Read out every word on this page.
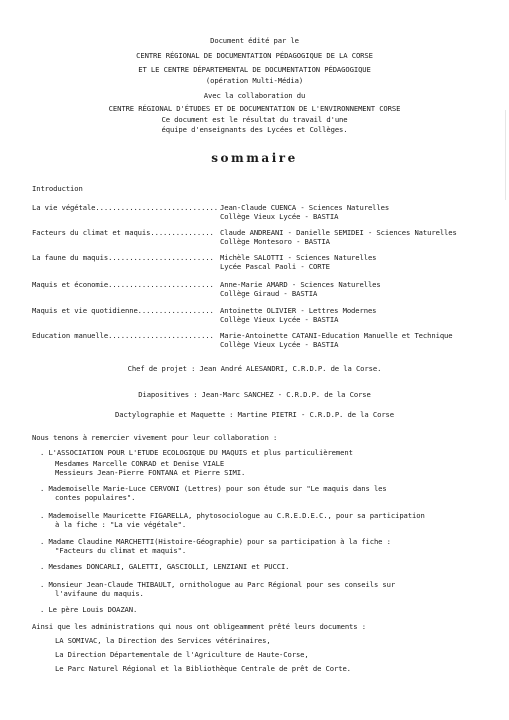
Document édité par le
CENTRE RÉGIONAL DE DOCUMENTATION PÉDAGOGIQUE DE LA CORSE
ET LE CENTRE DÉPARTEMENTAL DE DOCUMENTATION PÉDAGOGIQUE
(opération Multi-Média)
Avec la collaboration du
CENTRE RÉGIONAL D'ÉTUDES ET DE DOCUMENTATION DE L'ENVIRONNEMENT CORSE
Ce document est le résultat du travail d'une
équipe d'enseignants des Lycées et Collèges.
sommaire
Introduction
La vie végétale............................. Jean-Claude CUENCA - Sciences Naturelles
Collège Vieux Lycée - BASTIA
Facteurs du climat et maquis............... Claude ANDREANI - Danielle SEMIDEI - Sciences Naturelles
Collège Montesoro - BASTIA
La faune du maquis......................... Michèle SALOTTI - Sciences Naturelles
Lycée Pascal Paoli - CORTE
Maquis et économie......................... Anne-Marie AMARD - Sciences Naturelles
Collège Giraud - BASTIA
Maquis et vie quotidienne.................. Antoinette OLIVIER - Lettres Modernes
Collège Vieux Lycée - BASTIA
Education manuelle......................... Marie-Antoinette CATANI-Education Manuelle et Technique
Collège Vieux Lycée - BASTIA
Chef de projet : Jean André ALESANDRI, C.R.D.P. de la Corse.
Diapositives : Jean-Marc SANCHEZ - C.R.D.P. de la Corse
Dactylographie et Maquette : Martine PIETRI - C.R.D.P. de la Corse
Nous tenons à remercier vivement pour leur collaboration :
. L'ASSOCIATION POUR L'ETUDE ECOLOGIQUE DU MAQUIS et plus particulièrement
Mesdames Marcelle CONRAD et Denise VIALE
Messieurs Jean-Pierre FONTANA et Pierre SIMI.
. Mademoiselle Marie-Luce CERVONI (Lettres) pour son étude sur "Le maquis dans les
contes populaires".
. Mademoiselle Mauricette FIGARELLA, phytosociologue au C.R.E.D.E.C., pour sa participation
à la fiche : "La vie végétale".
. Madame Claudine MARCHETTI(Histoire-Géographie) pour sa participation à la fiche :
"Facteurs du climat et maquis".
. Mesdames DONCARLI, GALETTI, GASCIOLLI, LENZIANI et PUCCI.
. Monsieur Jean-Claude THIBAULT, ornithologue au Parc Régional pour ses conseils sur
l'avifaune du maquis.
. Le père Louis DOAZAN.
Ainsi que les administrations qui nous ont obligeamment prêté leurs documents :
LA SOMIVAC, la Direction des Services vétérinaires,
La Direction Départementale de l'Agriculture de Haute-Corse,
Le Parc Naturel Régional et la Bibliothèque Centrale de prêt de Corte.
